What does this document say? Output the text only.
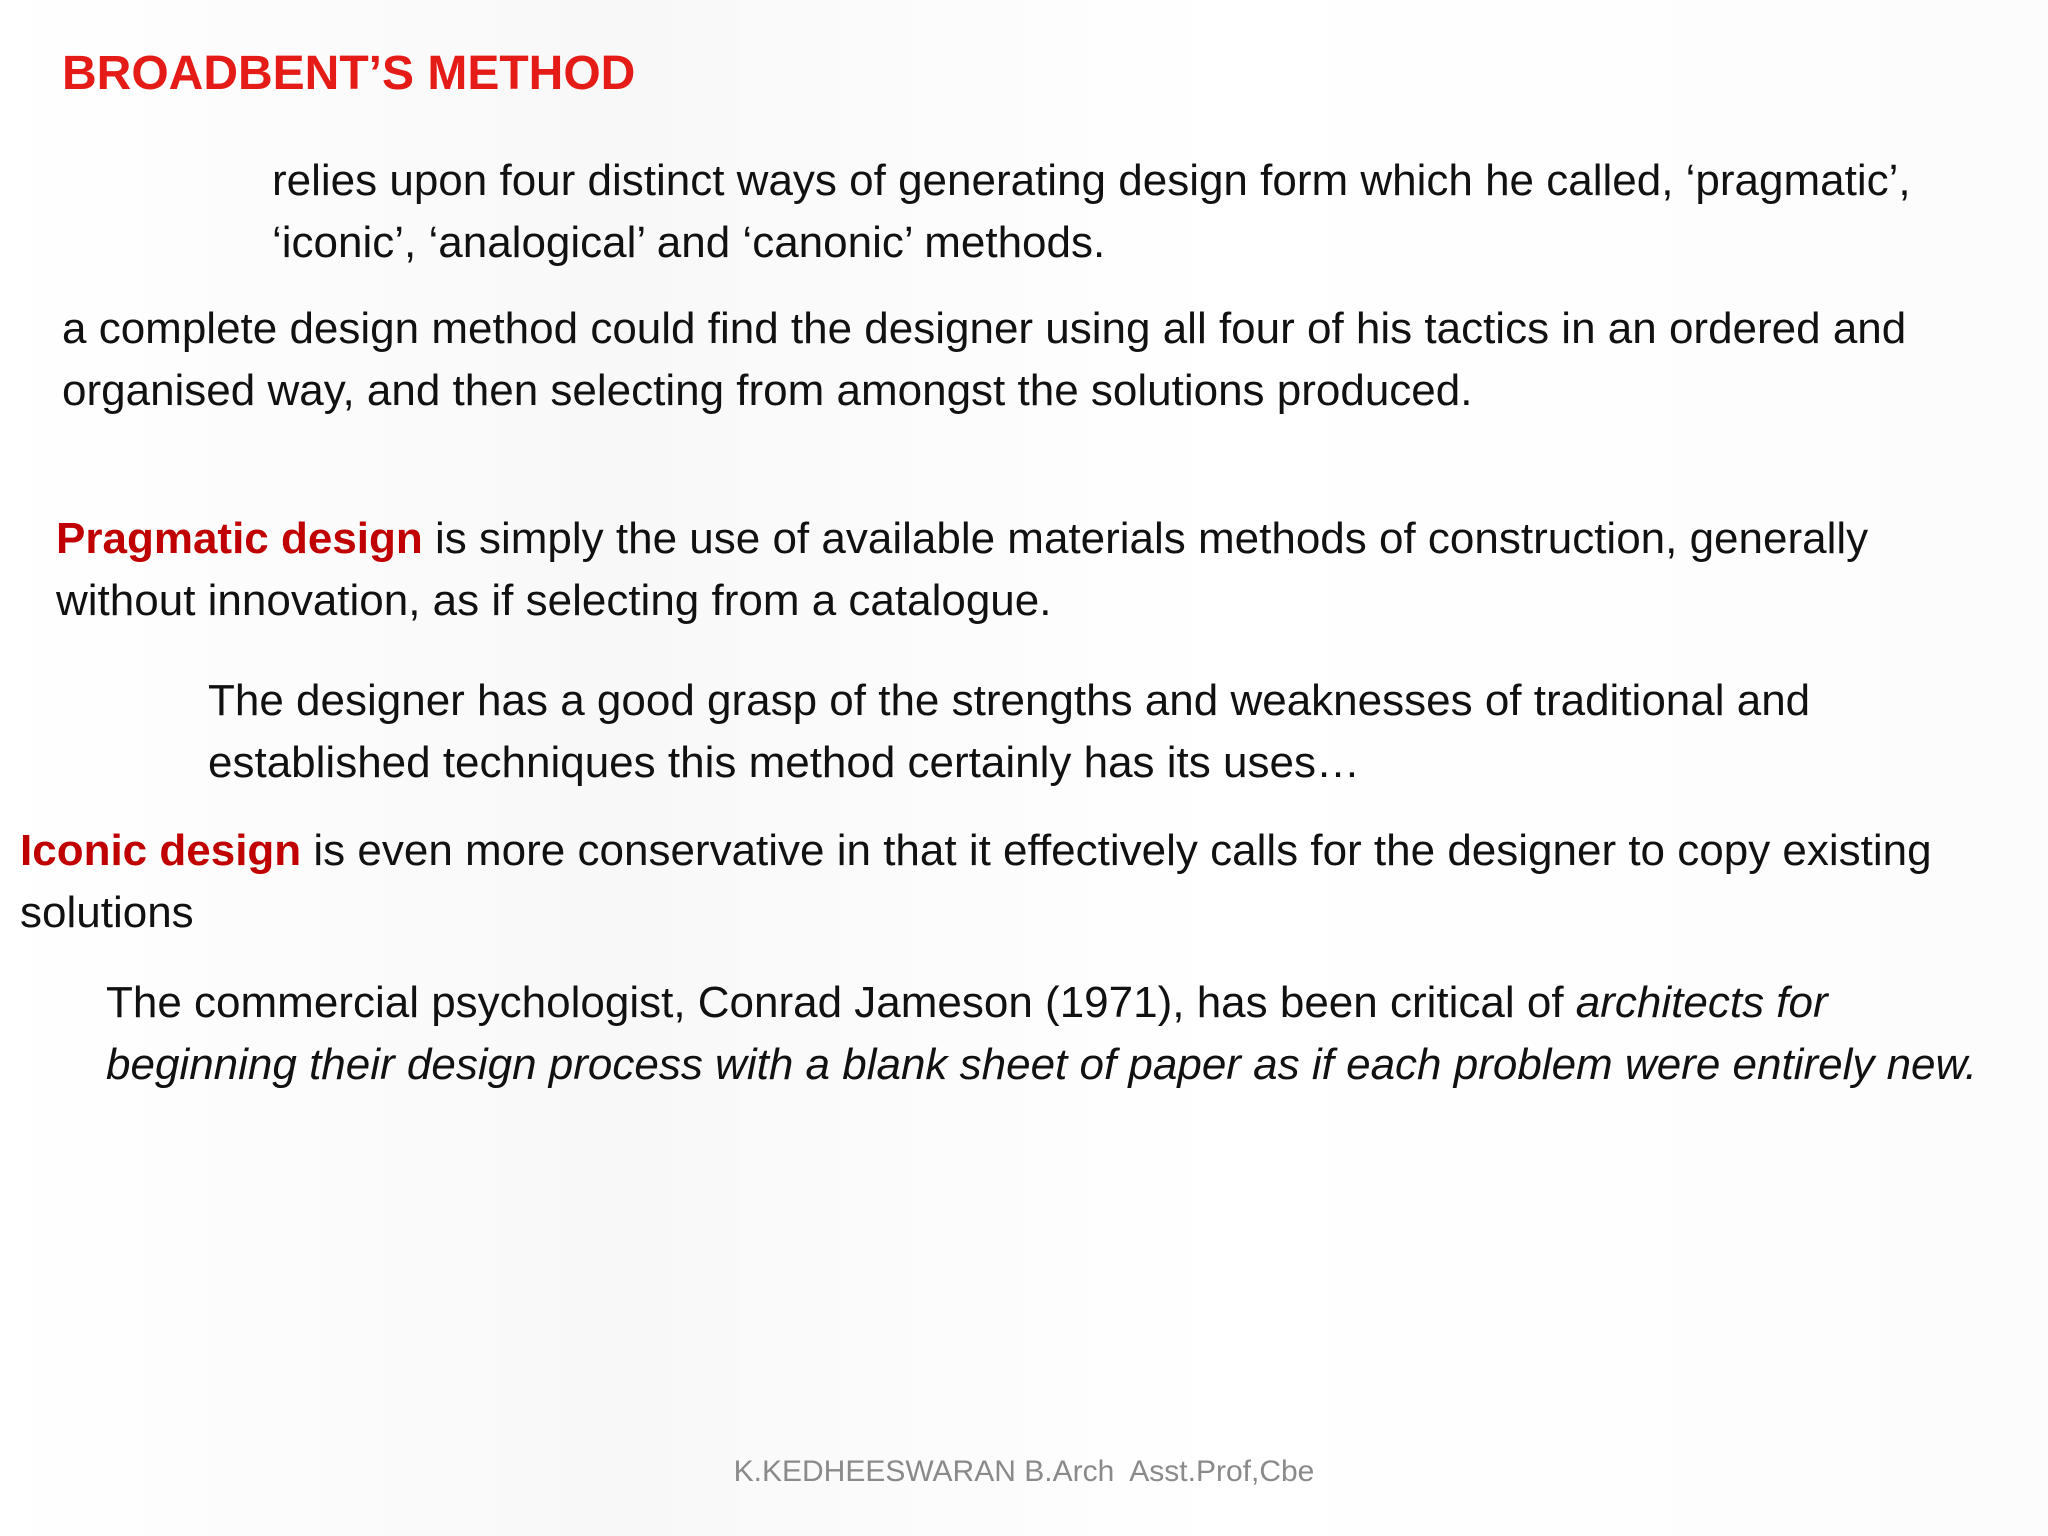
BROADBENT’S METHOD

relies upon four distinct ways of generating design form which he called, ‘pragmatic’, ‘iconic’, ‘analogical’ and ‘canonic’ methods.

a complete design method could find the designer using all four of his tactics in an ordered and organised way, and then selecting from amongst the solutions produced.

Pragmatic design is simply the use of available materials methods of construction, generally without innovation, as if selecting from a catalogue.

The designer has a good grasp of the strengths and weaknesses of traditional and established techniques this method certainly has its uses…

Iconic design is even more conservative in that it effectively calls for the designer to copy existing solutions

The commercial psychologist, Conrad Jameson (1971), has been critical of architects for beginning their design process with a blank sheet of paper as if each problem were entirely new.

K.KEDHEESWARAN B.Arch  Asst.Prof,Cbe
